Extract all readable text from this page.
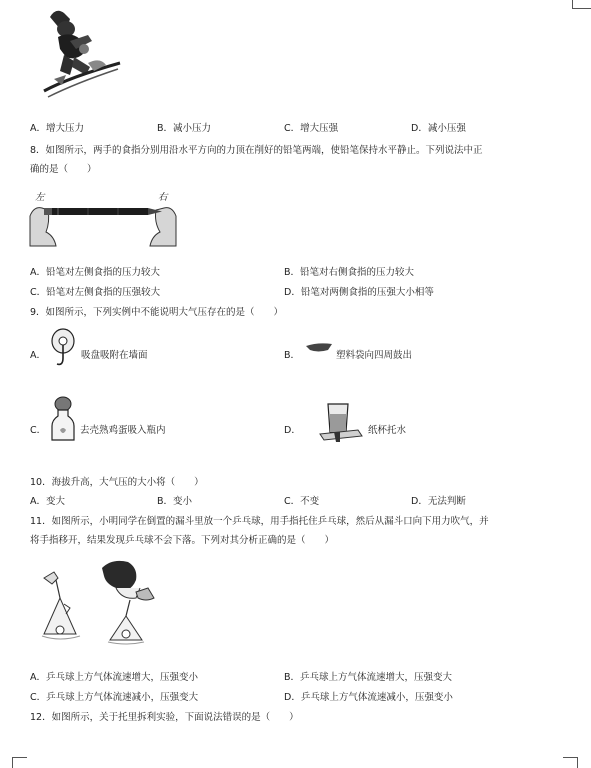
A．增大压力	B．减小压力	C．增大压强	D．减小压强
8．如图所示，两手的食指分别用沿水平方向的力顶在削好的铅笔两端，使铅笔保持水平静止。下列说法中正
确的是（　　）
左	右
A．铅笔对左侧食指的压力较大	B．铅笔对右侧食指的压力较大
C．铅笔对左侧食指的压强较大	D．铅笔对两侧食指的压强大小相等
9．如图所示，下列实例中不能说明大气压存在的是（　　）
A．	吸盘吸附在墙面	B．	塑料袋向四周鼓出
C．	去壳熟鸡蛋吸入瓶内	D．	纸杯托水
10．海拔升高，大气压的大小将（　　）
A．变大	B．变小	C．不变	D．无法判断
11．如图所示，小明同学在倒置的漏斗里放一个乒乓球，用手指托住乒乓球，然后从漏斗口向下用力吹气，并
将手指移开，结果发现乒乓球不会下落。下列对其分析正确的是（　　）
A．乒乓球上方气体流速增大，压强变小	B．乒乓球上方气体流速增大，压强变大
C．乒乓球上方气体流速减小，压强变大	D．乒乓球上方气体流速减小，压强变小
12．如图所示，关于托里拆利实验，下面说法错误的是（　　）
